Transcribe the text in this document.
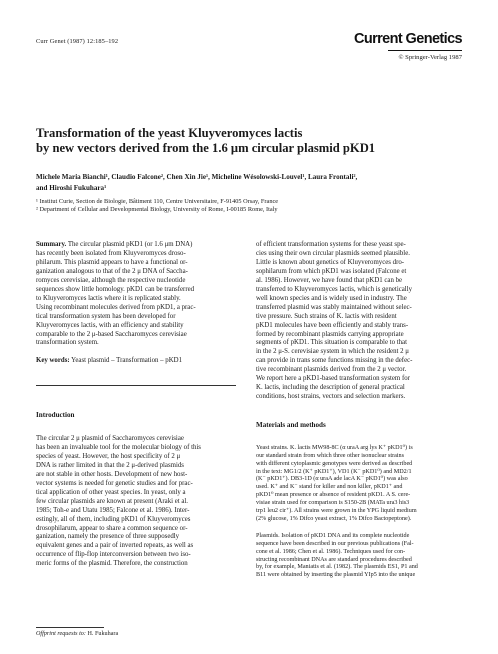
Curr Genet (1987) 12:185–192	Current Genetics
© Springer-Verlag 1987

Transformation of the yeast Kluyveromyces lactis

by new vectors derived from the 1.6 μm circular plasmid pKD1

Michele Maria Bianchi¹, Claudio Falcone², Chen Xin Jie¹, Micheline Wésolowski-Louvel¹, Laura Frontali²,

and Hiroshi Fukuhara¹

¹ Institut Curie, Section de Biologie, Bâtiment 110, Centre Universitaire, F-91405 Orsay, France

² Department of Cellular and Developmental Biology, University of Rome, I-00185 Rome, Italy

Summary. The circular plasmid pKD1 (or 1.6 μm DNA)

has recently been isolated from Kluyveromyces droso-

philarum. This plasmid appears to have a functional or-

ganization analogous to that of the 2 μ DNA of Saccha-

romyces cerevisiae, although the respective nucleotide

sequences show little homology. pKD1 can be transferred

to Kluyveromyces lactis where it is replicated stably.

Using recombinant molecules derived from pKD1, a prac-

tical transformation system has been developed for

Kluyveromyces lactis, with an efficiency and stability

comparable to the 2 μ-based Saccharomyces cerevisiae

transformation system.

Key words: Yeast plasmid – Transformation – pKD1

Introduction

The circular 2 μ plasmid of Saccharomyces cerevisiae

has been an invaluable tool for the molecular biology of this

species of yeast. However, the host specificity of 2 μ

DNA is rather limited in that the 2 μ-derived plasmids

are not stable in other hosts. Development of new host-

vector systems is needed for genetic studies and for prac-

tical application of other yeast species. In yeast, only a

few circular plasmids are known at present (Araki et al.

1985; Toh-e and Utatu 1985; Falcone et al. 1986). Inter-

estingly, all of them, including pKD1 of Kluyveromyces

drosophilarum, appear to share a common sequence or-

ganization, namely the presence of three supposedly

equivalent genes and a pair of inverted repeats, as well as

occurrence of flip-flop interconversion between two iso-

meric forms of the plasmid. Therefore, the construction

Offprint requests to: H. Fukuhara

of efficient transformation systems for these yeast spe-

cies using their own circular plasmids seemed plausible.

Little is known about genetics of Kluyveromyces dro-

sophilarum from which pKD1 was isolated (Falcone et

al. 1986). However, we have found that pKD1 can be

transferred to Kluyveromyces lactis, which is genetically

well known species and is widely used in industry. The

transferred plasmid was stably maintained without selec-

tive pressure. Such strains of K. lactis with resident

pKD1 molecules have been efficiently and stably trans-

formed by recombinant plasmids carrying appropriate

segments of pKD1. This situation is comparable to that

in the 2 μ-S. cerevisiae system in which the resident 2 μ

can provide in trans some functions missing in the defec-

tive recombinant plasmids derived from the 2 μ vector.

We report here a pKD1-based transformation system for

K. lactis, including the description of general practical

conditions, host strains, vectors and selection markers.

Materials and methods

Yeast strains. K. lactis MW98-8C (α uraA arg lys K⁺ pKD1⁰) is

our standard strain from which three other isonuclear strains

with different cytoplasmic genotypes were derived as described

in the text: MG1/2 (K⁺ pKD1⁺), VD1 (K⁻ pKD1⁰) and MD2/1

(K⁻ pKD1⁺). DB3-1D (α uraA ade lacA K⁻ pKD1⁰) was also

used. K⁺ and K⁻ stand for killer and non killer, pKD1⁺ and

pKD1⁰ mean presence or absence of resident pKD1. A S. cere-

visiae strain used for comparison is S150-2B (MATa ura3 his3

trp1 leu2 cir⁺). All strains were grown in the YPG liquid medium

(2% glucose, 1% Difco yeast extract, 1% Difco Bactopeptone).

Plasmids. Isolation of pKD1 DNA and its complete nucleotide

sequence have been described in our previous publications (Fal-

cone et al. 1986; Chen et al. 1986). Techniques used for con-

structing recombinant DNAs are standard procedures described

by, for example, Maniatis et al. (1982). The plasmids ES1, P1 and

B11 were obtained by inserting the plasmid YIp5 into the unique
